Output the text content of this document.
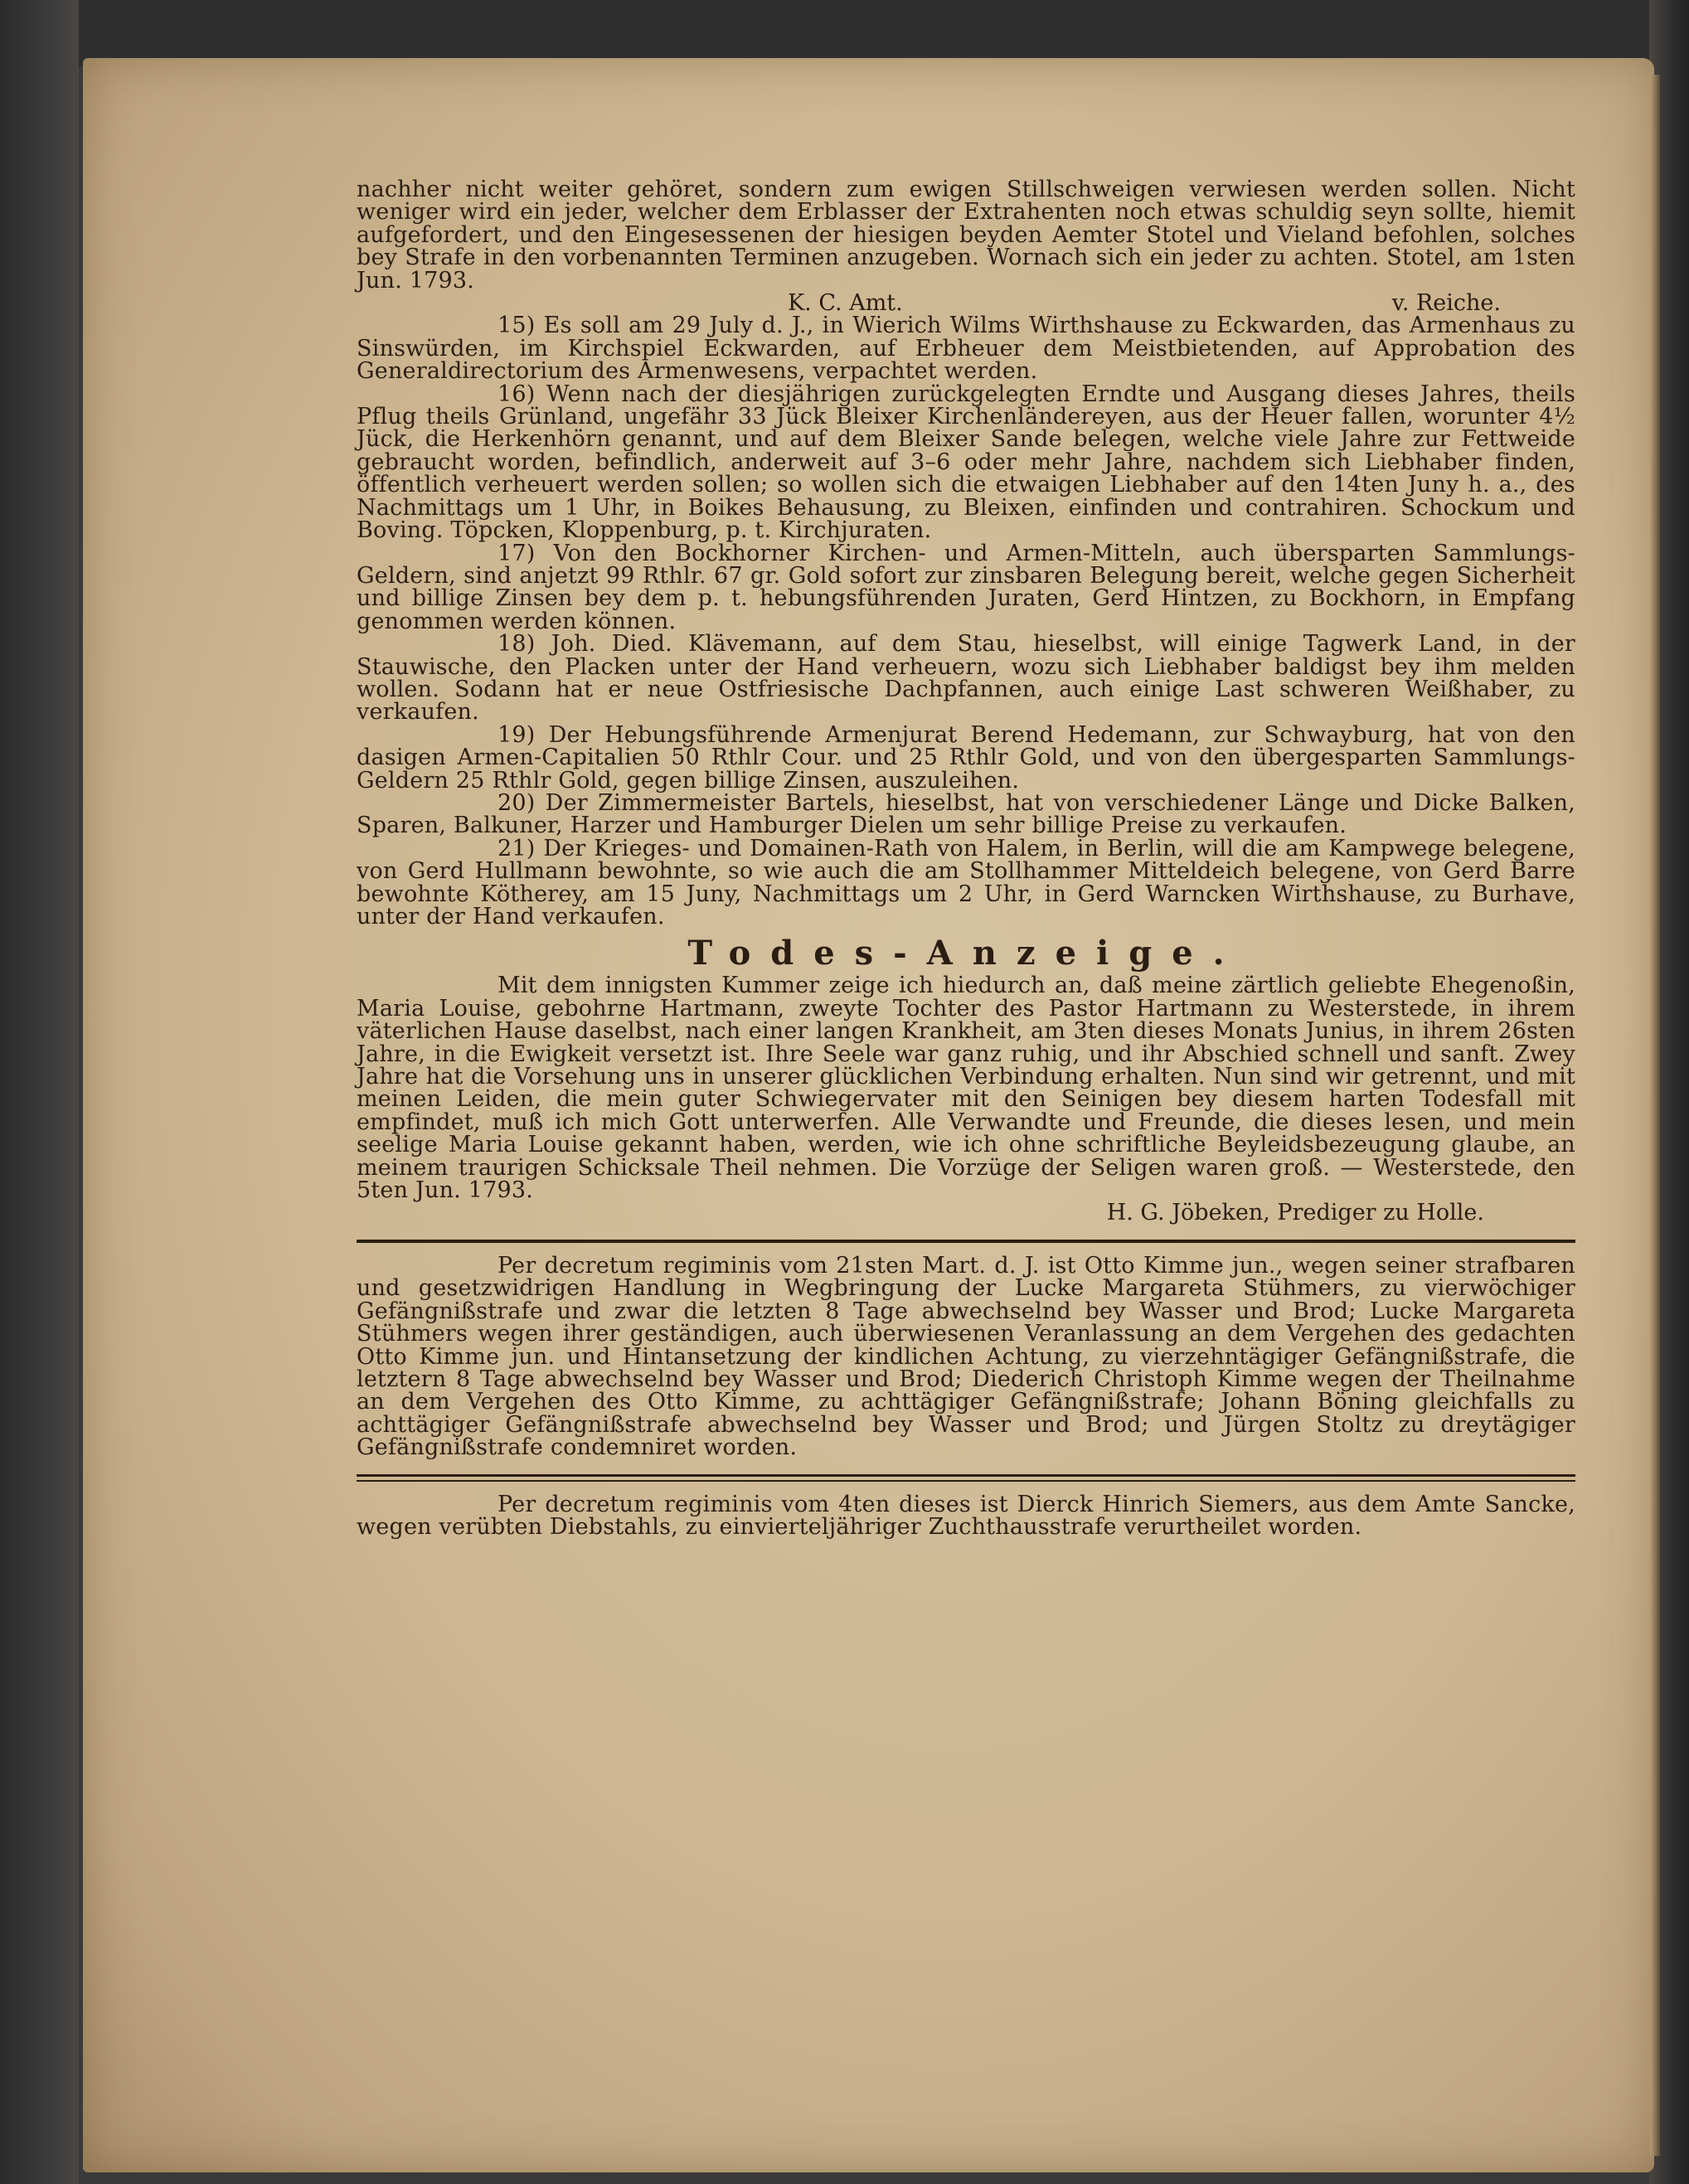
nachher nicht weiter gehöret, sondern zum ewigen Stillschweigen verwiesen werden sollen. Nicht weniger wird ein jeder, welcher dem Erblasser der Extrahenten noch etwas schuldig seyn sollte, hiemit aufgefordert, und den Eingesessenen der hiesigen beyden Aemter Stotel und Vieland befohlen, solches bey Strafe in den vorbenannten Terminen anzugeben. Wornach sich ein jeder zu achten. Stotel, am 1sten Jun. 1793.

K. C. Amt.	v. Reiche.

15) Es soll am 29 July d. J., in Wierich Wilms Wirthshause zu Eckwarden, das Armenhaus zu Sinswürden, im Kirchspiel Eckwarden, auf Erbheuer dem Meistbietenden, auf Approbation des Generaldirectorium des Armenwesens, verpachtet werden.

16) Wenn nach der diesjährigen zurückgelegten Erndte und Ausgang dieses Jahres, theils Pflug theils Grünland, ungefähr 33 Jück Bleixer Kirchenländereyen, aus der Heuer fallen, worunter 4½ Jück, die Herkenhörn genannt, und auf dem Bleixer Sande belegen, welche viele Jahre zur Fettweide gebraucht worden, befindlich, anderweit auf 3–6 oder mehr Jahre, nachdem sich Liebhaber finden, öffentlich verheuert werden sollen; so wollen sich die etwaigen Liebhaber auf den 14ten Juny h. a., des Nachmittags um 1 Uhr, in Boikes Behausung, zu Bleixen, einfinden und contrahiren. Schockum und Boving. Töpcken, Kloppenburg, p. t. Kirchjuraten.

17) Von den Bockhorner Kirchen- und Armen-Mitteln, auch übersparten Sammlungs-Geldern, sind anjetzt 99 Rthlr. 67 gr. Gold sofort zur zinsbaren Belegung bereit, welche gegen Sicherheit und billige Zinsen bey dem p. t. hebungsführenden Juraten, Gerd Hintzen, zu Bockhorn, in Empfang genommen werden können.

18) Joh. Died. Klävemann, auf dem Stau, hieselbst, will einige Tagwerk Land, in der Stauwische, den Placken unter der Hand verheuern, wozu sich Liebhaber baldigst bey ihm melden wollen. Sodann hat er neue Ostfriesische Dachpfannen, auch einige Last schweren Weißhaber, zu verkaufen.

19) Der Hebungsführende Armenjurat Berend Hedemann, zur Schwayburg, hat von den dasigen Armen-Capitalien 50 Rthlr Cour. und 25 Rthlr Gold, und von den übergesparten Sammlungs-Geldern 25 Rthlr Gold, gegen billige Zinsen, auszuleihen.

20) Der Zimmermeister Bartels, hieselbst, hat von verschiedener Länge und Dicke Balken, Sparen, Balkuner, Harzer und Hamburger Dielen um sehr billige Preise zu verkaufen.

21) Der Krieges- und Domainen-Rath von Halem, in Berlin, will die am Kampwege belegene, von Gerd Hullmann bewohnte, so wie auch die am Stollhammer Mitteldeich belegene, von Gerd Barre bewohnte Kötherey, am 15 Juny, Nachmittags um 2 Uhr, in Gerd Warncken Wirthshause, zu Burhave, unter der Hand verkaufen.

Todes-Anzeige.

Mit dem innigsten Kummer zeige ich hiedurch an, daß meine zärtlich geliebte Ehegenoßin, Maria Louise, gebohrne Hartmann, zweyte Tochter des Pastor Hartmann zu Westerstede, in ihrem väterlichen Hause daselbst, nach einer langen Krankheit, am 3ten dieses Monats Junius, in ihrem 26sten Jahre, in die Ewigkeit versetzt ist. Ihre Seele war ganz ruhig, und ihr Abschied schnell und sanft. Zwey Jahre hat die Vorsehung uns in unserer glücklichen Verbindung erhalten. Nun sind wir getrennt, und mit meinen Leiden, die mein guter Schwiegervater mit den Seinigen bey diesem harten Todesfall mit empfindet, muß ich mich Gott unterwerfen. Alle Verwandte und Freunde, die dieses lesen, und mein seelige Maria Louise gekannt haben, werden, wie ich ohne schriftliche Beyleidsbezeugung glaube, an meinem traurigen Schicksale Theil nehmen. Die Vorzüge der Seligen waren groß. — Westerstede, den 5ten Jun. 1793.

H. G. Jöbeken, Prediger zu Holle.

Per decretum regiminis vom 21sten Mart. d. J. ist Otto Kimme jun., wegen seiner strafbaren und gesetzwidrigen Handlung in Wegbringung der Lucke Margareta Stühmers, zu vierwöchiger Gefängnißstrafe und zwar die letzten 8 Tage abwechselnd bey Wasser und Brod; Lucke Margareta Stühmers wegen ihrer geständigen, auch überwiesenen Veranlassung an dem Vergehen des gedachten Otto Kimme jun. und Hintansetzung der kindlichen Achtung, zu vierzehntägiger Gefängnißstrafe, die letztern 8 Tage abwechselnd bey Wasser und Brod; Diederich Christoph Kimme wegen der Theilnahme an dem Vergehen des Otto Kimme, zu achttägiger Gefängnißstrafe; Johann Böning gleichfalls zu achttägiger Gefängnißstrafe abwechselnd bey Wasser und Brod; und Jürgen Stoltz zu dreytägiger Gefängnißstrafe condemniret worden.

Per decretum regiminis vom 4ten dieses ist Dierck Hinrich Siemers, aus dem Amte Sancke, wegen verübten Diebstahls, zu einvierteljähriger Zuchthausstrafe verurtheilet worden.
